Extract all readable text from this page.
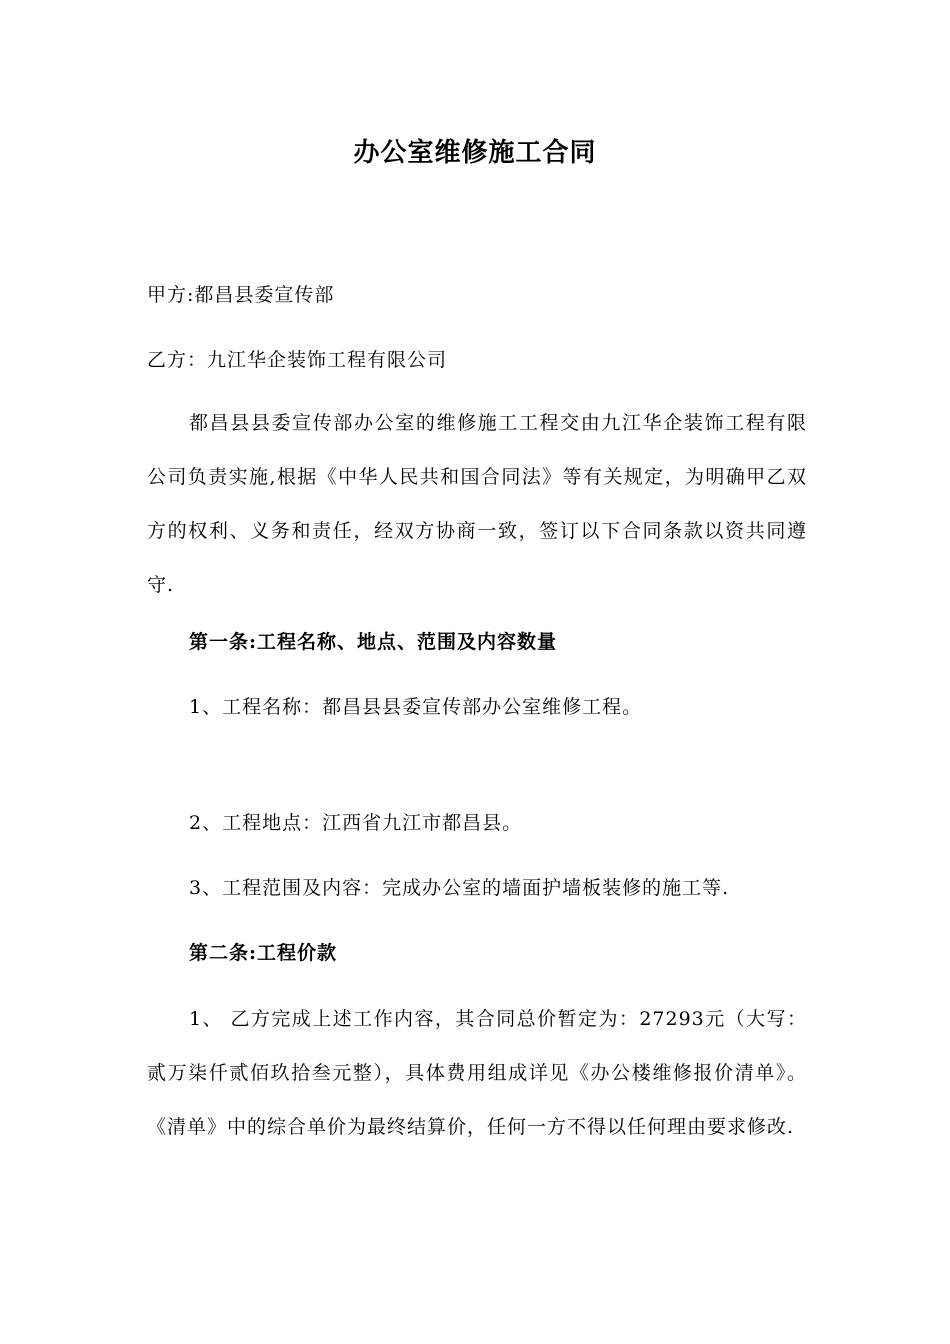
办公室维修施工合同
甲方:都昌县委宣传部
乙方：九江华企装饰工程有限公司
都昌县县委宣传部办公室的维修施工工程交由九江华企装饰工程有限公司负责实施,根据《中华人民共和国合同法》等有关规定，为明确甲乙双方的权利、义务和责任，经双方协商一致，签订以下合同条款以资共同遵守.
第一条:工程名称、地点、范围及内容数量
1、工程名称：都昌县县委宣传部办公室维修工程。
2、工程地点：江西省九江市都昌县。
3、工程范围及内容：完成办公室的墙面护墙板装修的施工等.
第二条:工程价款
1、 乙方完成上述工作内容，其合同总价暂定为：27293元（大写：贰万柒仟贰佰玖拾叁元整），具体费用组成详见《办公楼维修报价清单》。《清单》中的综合单价为最终结算价，任何一方不得以任何理由要求修改.
